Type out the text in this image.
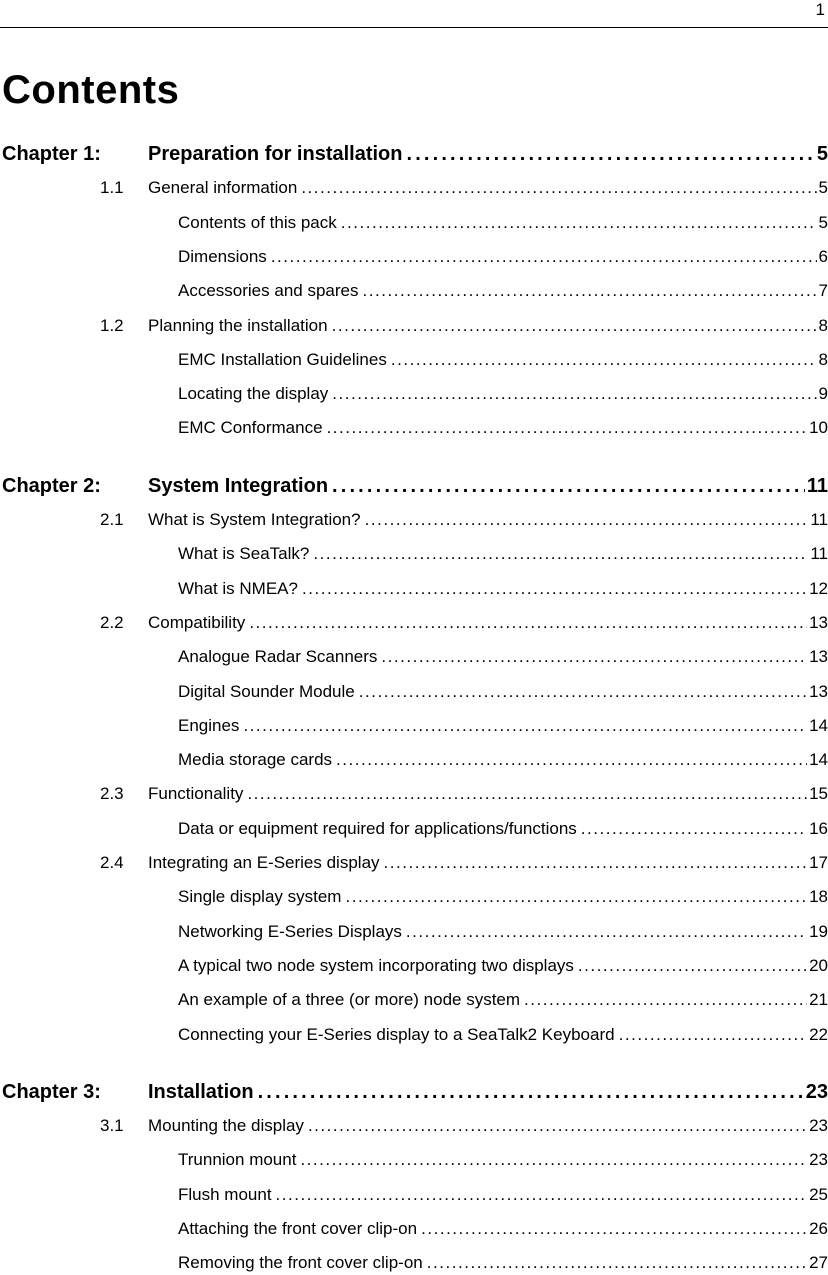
1
Contents
Chapter 1: Preparation for installation . . .	5
1.1 General information . . .	5
Contents of this pack . . .	5
Dimensions . . .	6
Accessories and spares . . .	7
1.2 Planning the installation . . .	8
EMC Installation Guidelines . . .	8
Locating the display . . .	9
EMC Conformance . . .	10
Chapter 2: System Integration . . .	11
2.1 What is System Integration? . . .	11
What is SeaTalk? . . .	11
What is NMEA? . . .	12
2.2 Compatibility . . .	13
Analogue Radar Scanners . . .	13
Digital Sounder Module . . .	13
Engines . . .	14
Media storage cards . . .	14
2.3 Functionality . . .	15
Data or equipment required for applications/functions . . .	16
2.4 Integrating an E-Series display . . .	17
Single display system . . .	18
Networking E-Series Displays . . .	19
A typical two node system incorporating two displays . . .	20
An example of a three (or more) node system . . .	21
Connecting your E-Series display to a SeaTalk2 Keyboard . . .	22
Chapter 3: Installation . . .	23
3.1 Mounting the display . . .	23
Trunnion mount . . .	23
Flush mount . . .	25
Attaching the front cover clip-on . . .	26
Removing the front cover clip-on . . .	27
